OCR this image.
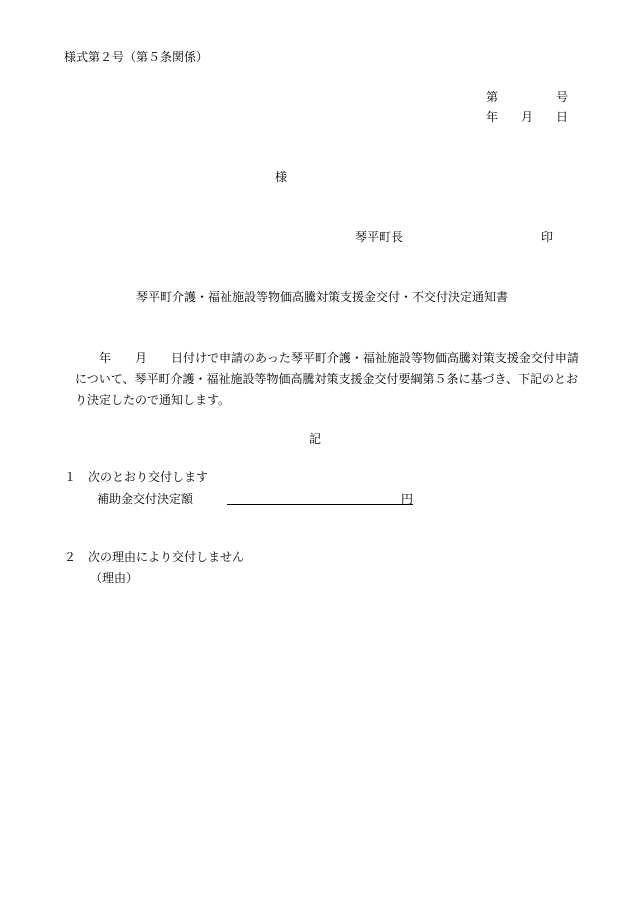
様式第２号（第５条関係）
第	号
年 月 日
様
琴平町長	印
琴平町介護・福祉施設等物価高騰対策支援金交付・不交付決定通知書
年　　月　　日付けで申請のあった琴平町介護・福祉施設等物価高騰対策支援金交付申請
について、琴平町介護・福祉施設等物価高騰対策支援金交付要綱第５条に基づき、下記のとお
り決定したので通知します。
記
１　次のとおり交付します
補助金交付決定額	円
２　次の理由により交付しません
（理由）
